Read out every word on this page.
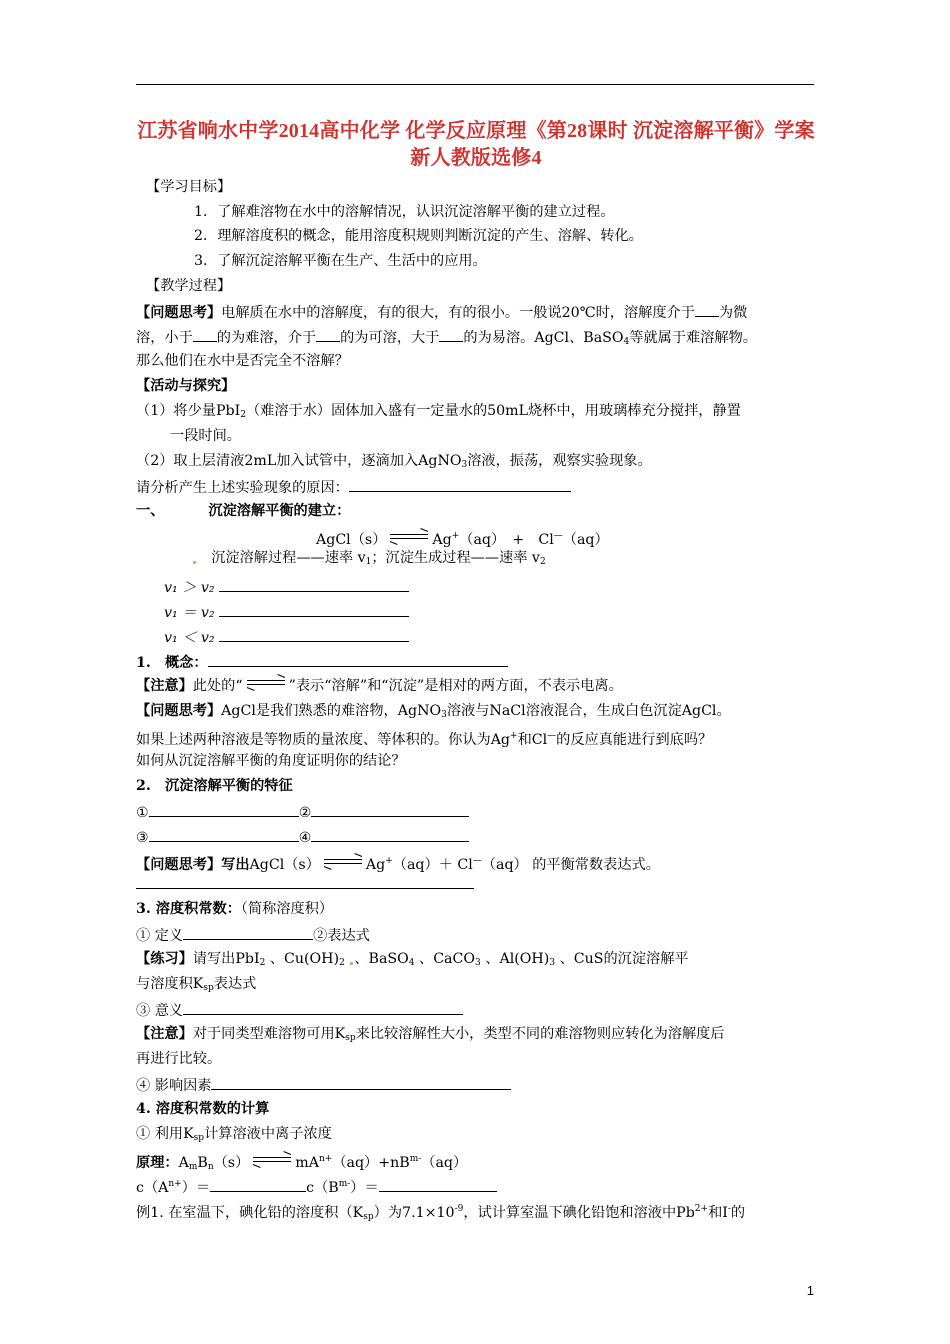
江苏省响水中学2014高中化学 化学反应原理《第28课时 沉淀溶解平衡》学案 新人教版选修4
【学习目标】
1．了解难溶物在水中的溶解情况，认识沉淀溶解平衡的建立过程。
2．理解溶度积的概念，能用溶度积规则判断沉淀的产生、溶解、转化。
3．了解沉淀溶解平衡在生产、生活中的应用。
【教学过程】
【问题思考】电解质在水中的溶解度，有的很大，有的很小。一般说20℃时，溶解度介于 为微
溶，小于 的为难溶，介于 的为可溶，大于 的为易溶。AgCl、BaSO$_4$等就属于难溶解物。
那么他们在水中是否完全不溶解？
【活动与探究】
（1）将少量PbI$_2$（难溶于水）固体加入盛有一定量水的50mL烧杯中，用玻璃棒充分搅拌，静置
一段时间。
（2）取上层清液2mL加入试管中，逐滴加入AgNO$_3$溶液，振荡，观察实验现象。
请分析产生上述实验现象的原因：
一、	沉淀溶解平衡的建立：
AgCl（s）	Ag+（aq）　+　Cl—（aq）
　沉淀溶解过程——速率 $v_1$；沉淀生成过程——速率 $v_2$
v₁ ＞ v₂
v₁ ＝ v₂
v₁ ＜ v₂
1.　概念：
【注意】此处的“	”表示“溶解”和“沉淀”是相对的两方面，不表示电离。
【问题思考】AgCl是我们熟悉的难溶物，AgNO$_3$溶液与NaCl溶液混合，生成白色沉淀AgCl。
如果上述两种溶液是等物质的量浓度、等体积的。你认为Ag+和Cl—的反应真能进行到底吗？
如何从沉淀溶解平衡的角度证明你的结论？
2.　沉淀溶解平衡的特征
①	②
③	④
【问题思考】写出AgCl（s）	Ag+（aq）＋ Cl—（aq） 的平衡常数表达式。
3. 溶度积常数：（简称溶度积）
① 定义	②表达式
【练习】请写出PbI$_2$ 、$Cu(OH)_2$ 、BaSO$_4$ 、CaCO$_3$ 、$Al(OH)_3$ 、CuS的沉淀溶解平
与溶度积$K_{sp}$表达式
③ 意义
【注意】对于同类型难溶物可用$K_{sp}$来比较溶解性大小，类型不同的难溶物则应转化为溶解度后
再进行比较。
④ 影响因素
4. 溶度积常数的计算
① 利用$K_{sp}$计算溶液中离子浓度
原理：$A_mB_n(s)$	$mA^{n+}(aq)+nB^{m-}(aq)$
$c(A^{n+})=$	$c(B^{m-})=$
例1. 在室温下，碘化铅的溶度积$(K_{sp})$为$7.1\times 10^{-9}$，试计算室温下碘化铅饱和溶液中$Pb^{2+}$和I-的
1
